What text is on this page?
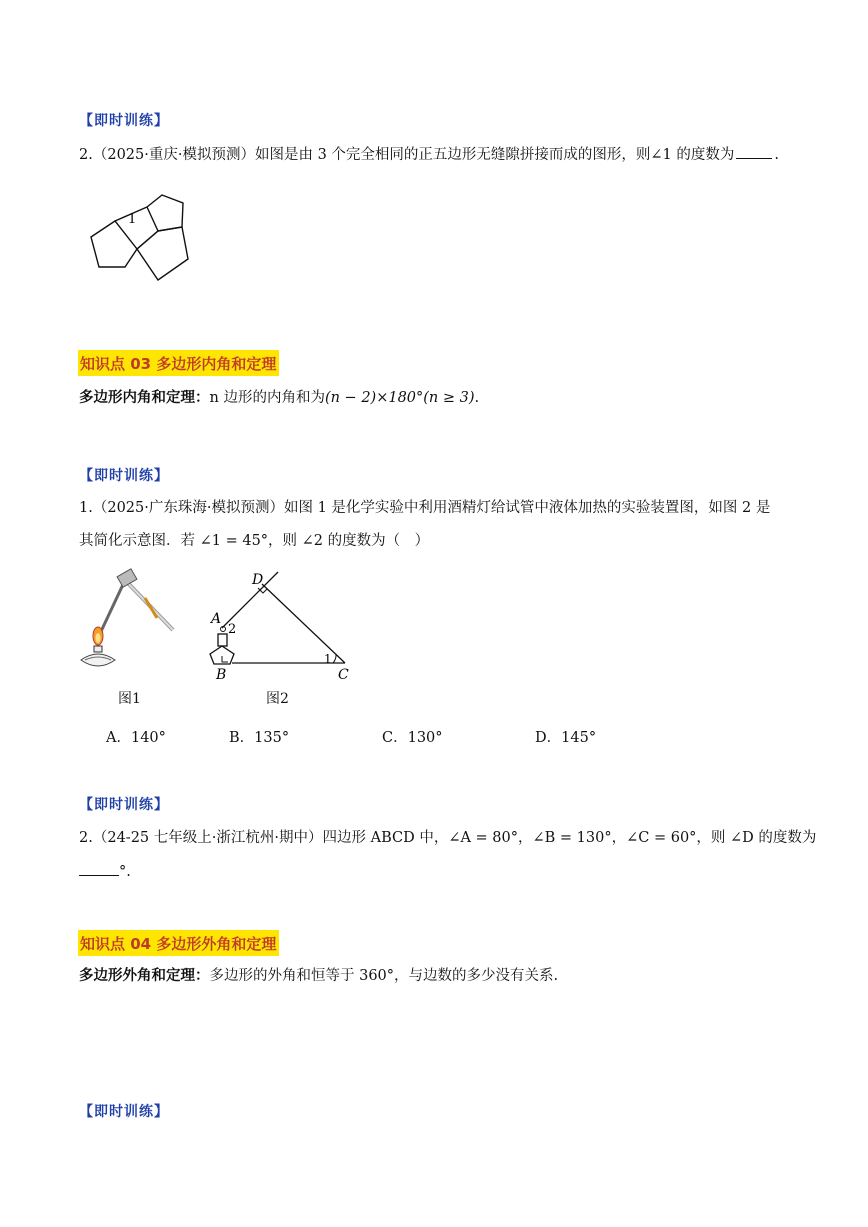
【即时训练】
2.（2025·重庆·模拟预测）如图是由 3 个完全相同的正五边形无缝隙拼接而成的图形，则∠1 的度数为	.
1
知识点 03 多边形内角和定理
多边形内角和定理：n 边形的内角和为(n − 2)×180°(n ≥ 3).
【即时训练】
1.（2025·广东珠海·模拟预测）如图 1 是化学实验中利用酒精灯给试管中液体加热的实验装置图，如图 2 是
其简化示意图．若 ∠1 = 45°，则 ∠2 的度数为（　）
图1
D
A
2
1
B	C
图2
A．140°	B．135°	C．130°	D．145°
【即时训练】
2.（24-25 七年级上·浙江杭州·期中）四边形 ABCD 中，∠A = 80°，∠B = 130°，∠C = 60°，则 ∠D 的度数为
°.
知识点 04 多边形外角和定理
多边形外角和定理：多边形的外角和恒等于 360°，与边数的多少没有关系.
【即时训练】
